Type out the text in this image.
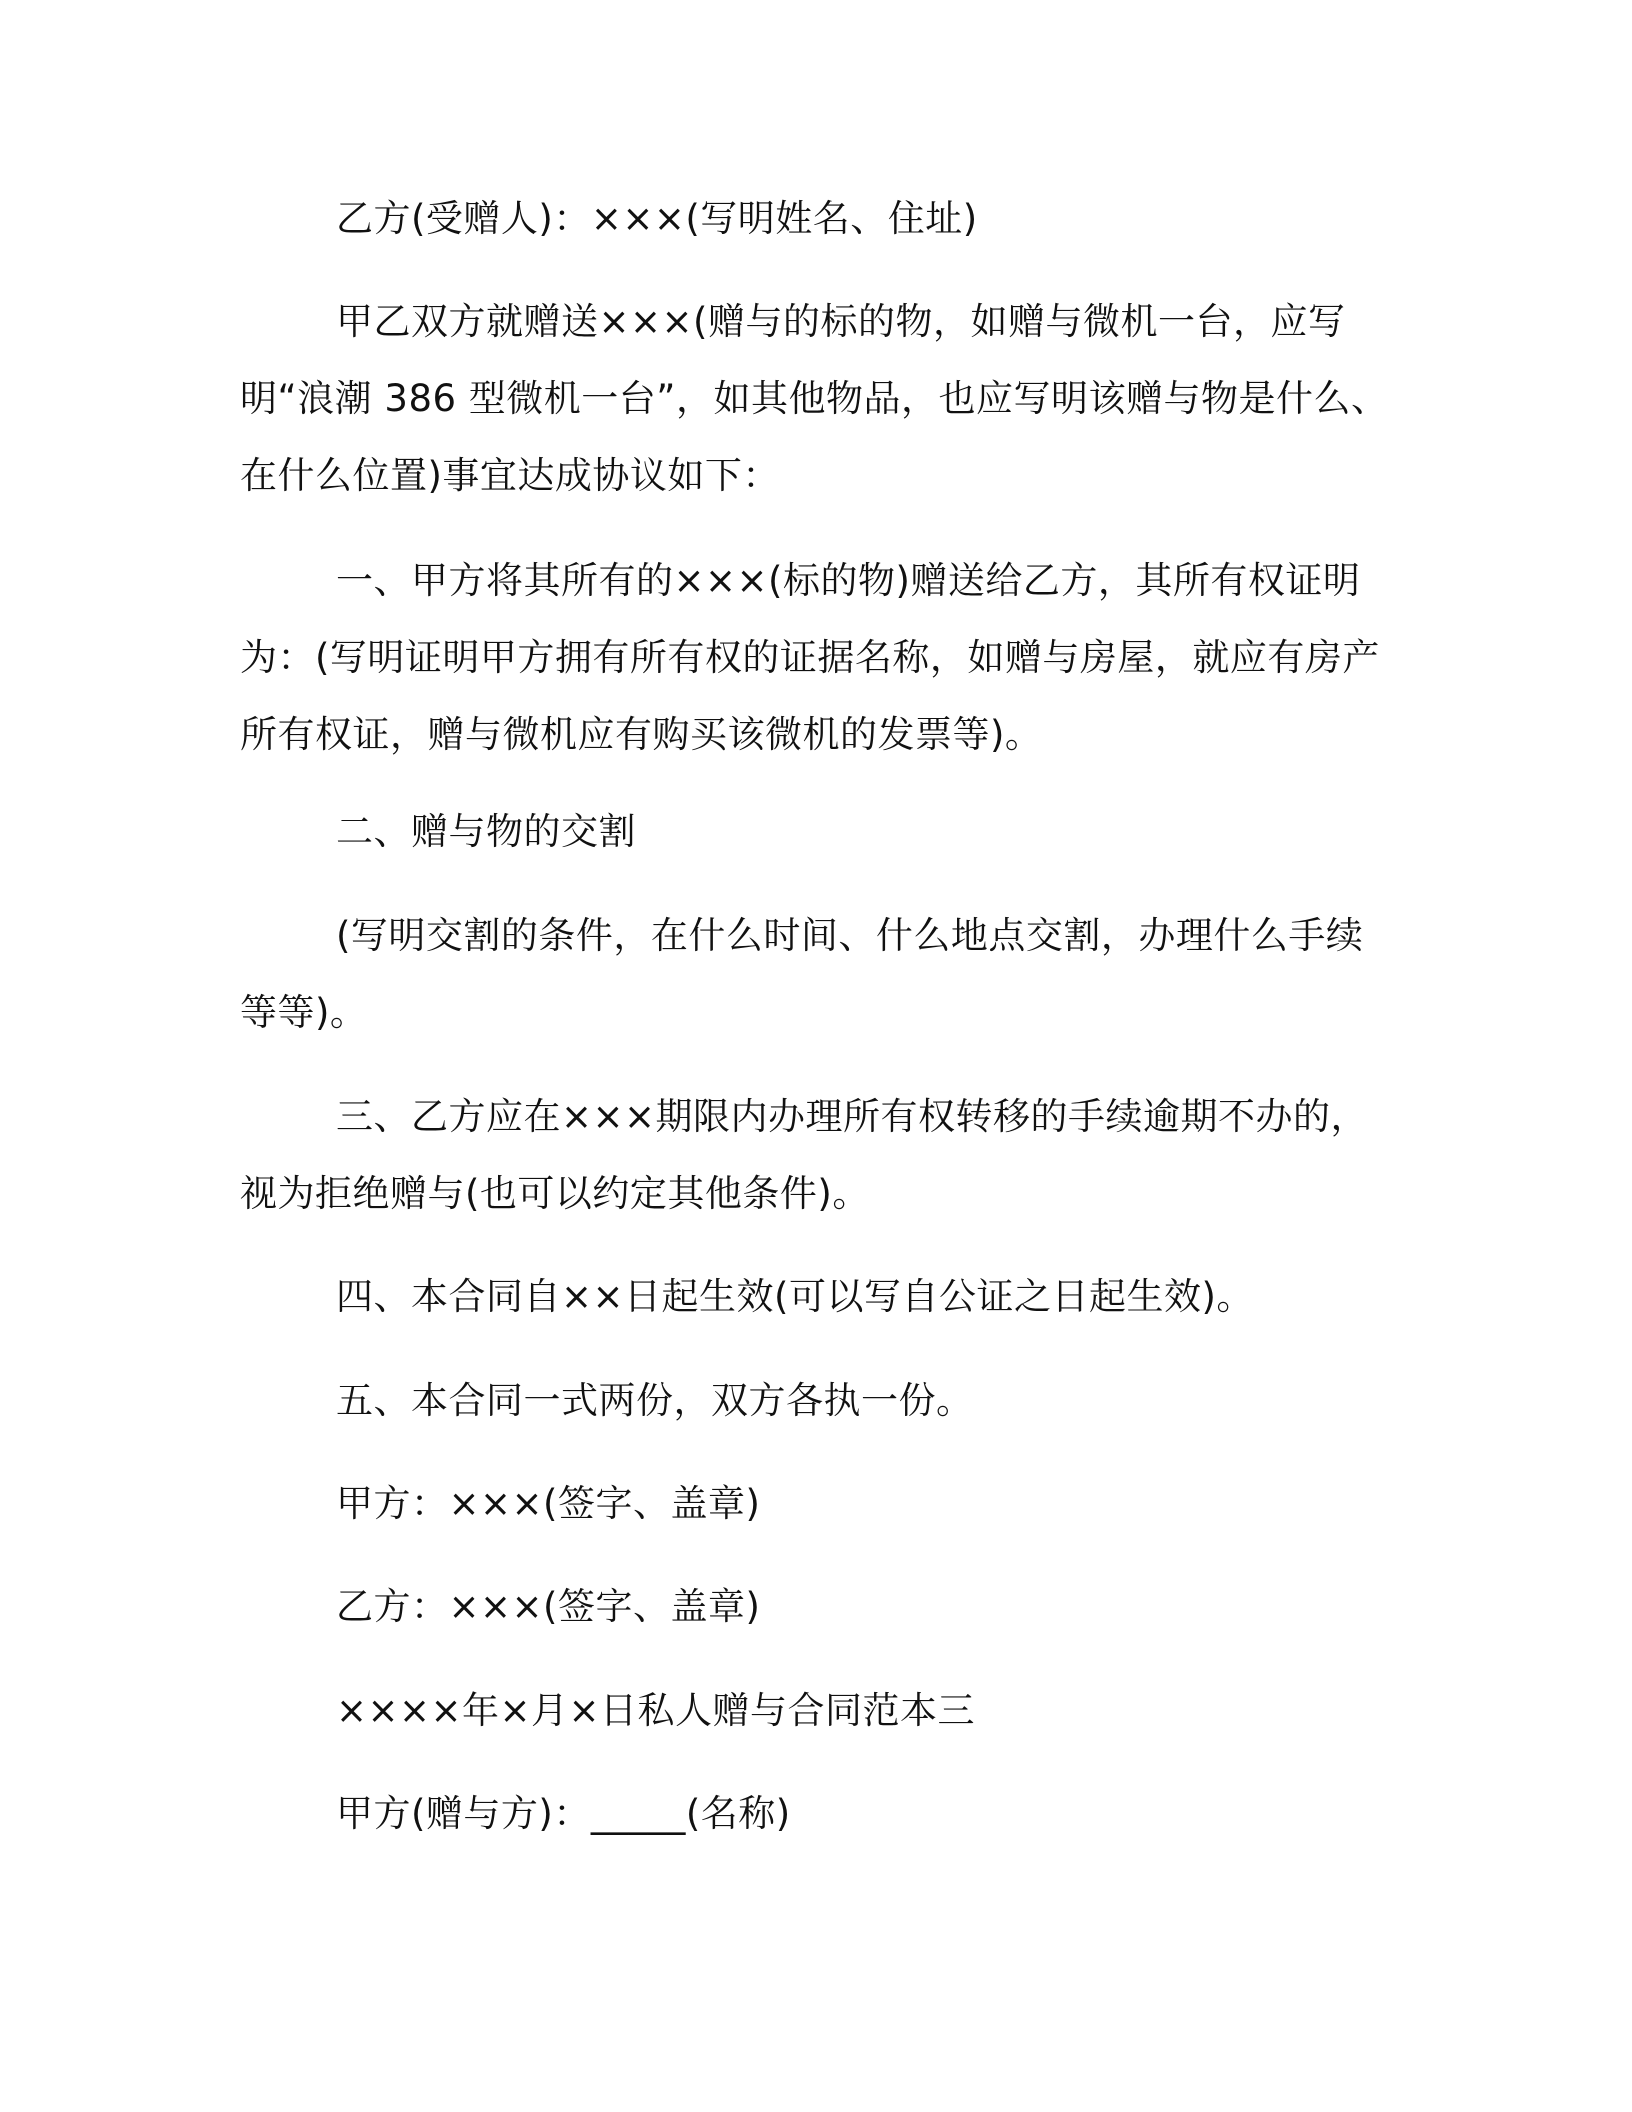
乙方(受赠人)：×××(写明姓名、住址)
甲乙双方就赠送×××(赠与的标的物，如赠与微机一台，应写
明“浪潮 386 型微机一台”，如其他物品，也应写明该赠与物是什么、
在什么位置)事宜达成协议如下：
一、甲方将其所有的×××(标的物)赠送给乙方，其所有权证明
为：(写明证明甲方拥有所有权的证据名称，如赠与房屋，就应有房产
所有权证，赠与微机应有购买该微机的发票等)。
二、赠与物的交割
(写明交割的条件，在什么时间、什么地点交割，办理什么手续
等等)。
三、乙方应在×××期限内办理所有权转移的手续逾期不办的，
视为拒绝赠与(也可以约定其他条件)。
四、本合同自××日起生效(可以写自公证之日起生效)。
五、本合同一式两份，双方各执一份。
甲方：×××(签字、盖章)
乙方：×××(签字、盖章)
××××年×月×日私人赠与合同范本三
甲方(赠与方)：_____(名称)
